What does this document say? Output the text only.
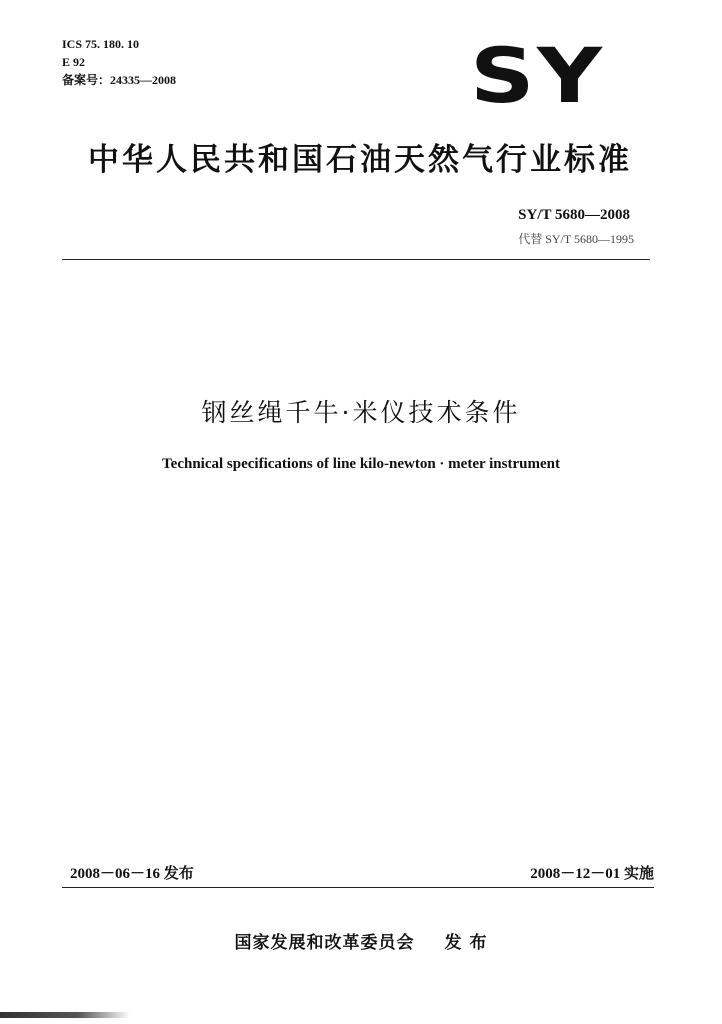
ICS 75. 180. 10
E 92
备案号：24335—2008	SY
中华人民共和国石油天然气行业标准
SY/T 5680—2008
代替 SY/T 5680—1995
钢丝绳千牛·米仪技术条件
Technical specifications of line kilo-newton · meter instrument
2008－06－16 发布	2008－12－01 实施
国家发展和改革委员会 发 布
